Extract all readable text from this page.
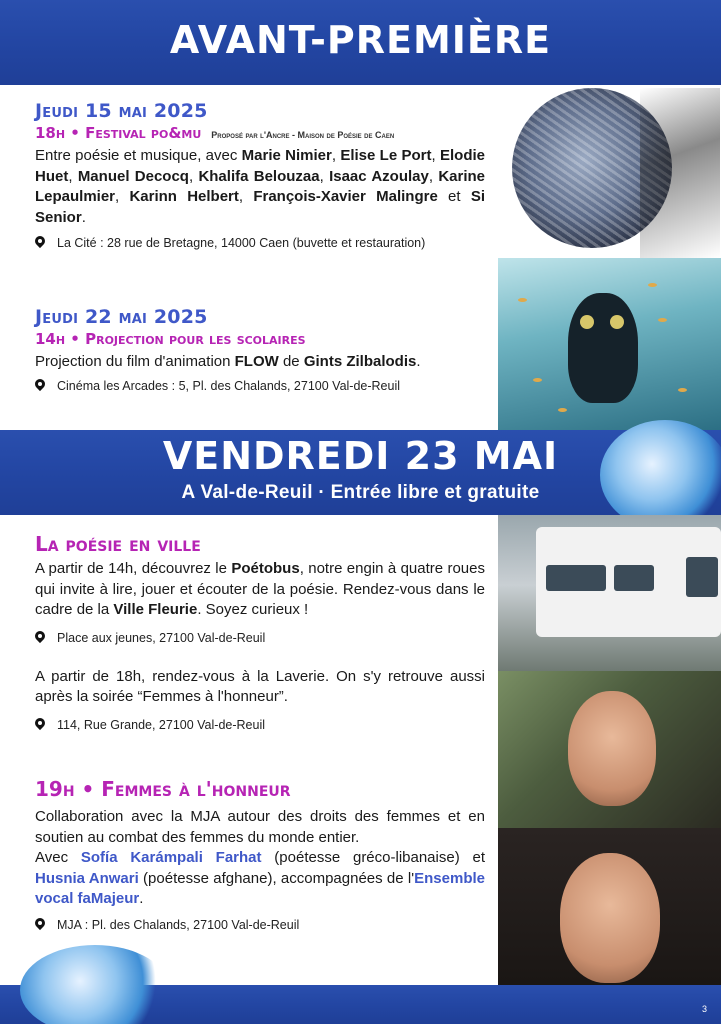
AVANT-PREMIÈRE
Jeudi 15 mai 2025
18h • Festival po&mu Proposé par l'Ancre - Maison de Poésie de Caen

Entre poésie et musique, avec Marie Nimier, Elise Le Port, Elodie Huet, Manuel Decocq, Khalifa Belouzaa, Isaac Azoulay, Karine Lepaulmier, Karinn Helbert, François-Xavier Malingre et Si Senior.

La Cité : 28 rue de Bretagne, 14000 Caen (buvette et restauration)
Jeudi 22 mai 2025
14h • Projection pour les scolaires

Projection du film d'animation FLOW de Gints Zilbalodis.

Cinéma les Arcades : 5, Pl. des Chalands, 27100 Val-de-Reuil
VENDREDI 23 MAI
A Val-de-Reuil · Entrée libre et gratuite
La poésie en ville

A partir de 14h, découvrez le Poétobus, notre engin à quatre roues qui invite à lire, jouer et écouter de la poésie. Rendez-vous dans le cadre de la Ville Fleurie. Soyez curieux !

Place aux jeunes, 27100 Val-de-Reuil

A partir de 18h, rendez-vous à la Laverie. On s'y retrouve aussi après la soirée “Femmes à l'honneur”.

114, Rue Grande, 27100 Val-de-Reuil
19h • Femmes à l'honneur

Collaboration avec la MJA autour des droits des femmes et en soutien au combat des femmes du monde entier.

Avec Sofía Karámpali Farhat (poétesse gréco-libanaise) et Husnia Anwari (poétesse afghane), accompagnées de l'Ensemble vocal faMajeur.

MJA : Pl. des Chalands, 27100 Val-de-Reuil
3
